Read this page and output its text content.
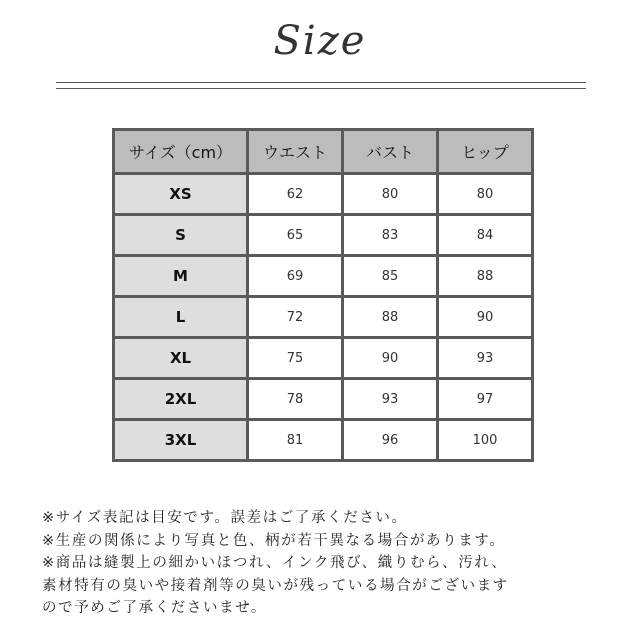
Size
サイズ（cm）	ウエスト	バスト	ヒップ
XS	62	80	80
S	65	83	84
M	69	85	88
L	72	88	90
XL	75	90	93
2XL	78	93	97
3XL	81	96	100
※サイズ表記は目安です。誤差はご了承ください。
※生産の関係により写真と色、柄が若干異なる場合があります。
※商品は縫製上の細かいほつれ、インク飛び、織りむら、汚れ、
素材特有の臭いや接着剤等の臭いが残っている場合がございます
ので予めご了承くださいませ。
